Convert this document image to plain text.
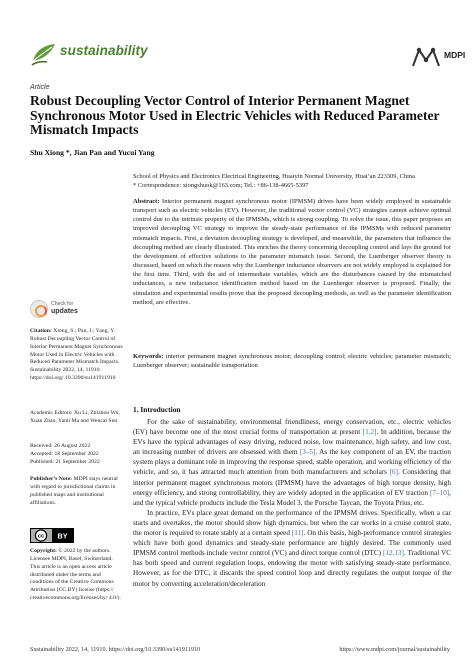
sustainability	MDPI
Article
Robust Decoupling Vector Control of Interior Permanent Magnet Synchronous Motor Used in Electric Vehicles with Reduced Parameter Mismatch Impacts
Shu Xiong *, Jian Pan and Yucui Yang
School of Physics and Electronics Electrical Engineering, Huaiyin Normal University, Huai’an 223309, China
* Correspondence: xiongshuok@163.com; Tel.: +86-138-4665-5397
Abstract: Interior permanent magnet synchronous motor (IPMSM) drives have been widely employed in sustainable transport such as electric vehicles (EV). However, the traditional vector control (VC) strategies cannot achieve optimal control due to the intrinsic property of the IPMSMs, which is strong coupling. To solve the issue, this paper proposes an improved decoupling VC strategy to improve the steady-state performance of the IPMSMs with reduced parameter mismatch impacts. First, a deviation decoupling strategy is developed, and meanwhile, the parameters that influence the decoupling method are clearly illustrated. This enriches the theory concerning decoupling control and lays the ground for the development of effective solutions to the parameter mismatch issue. Second, the Luenberger observer theory is discussed, based on which the reason why the Luenberger inductance observers are not widely employed is explained for the first time. Third, with the aid of intermediate variables, which are the disturbances caused by the mismatched inductances, a new inductance identification method based on the Luenberger observer is proposed. Finally, the simulation and experimental results prove that the proposed decoupling methods, as well as the parameter identification method, are effective.
Keywords: interior permanent magnet synchronous motor; decoupling control; electric vehicles; parameter mismatch; Luenberger observer; sustainable transportation
Check for
updates
Citation: Xiong, S.; Pan, J.; Yang, Y. Robust Decoupling Vector Control of Interior Permanent Magnet Synchronous Motor Used in Electric Vehicles with Reduced Parameter Mismatch Impacts. Sustainability 2022, 14, 11910. https://doi.org/ 10.3390/su141911910
Academic Editors: Xu Li, Zhizhou Wu, Xuan Zhao, Yanli Ma and Wencai Sun
Received: 26 August 2022
Accepted: 18 September 2022
Published: 21 September 2022
Publisher’s Note: MDPI stays neutral with regard to jurisdictional claims in published maps and institutional affiliations.
cc BY
Copyright: © 2022 by the authors. Licensee MDPI, Basel, Switzerland. This article is an open access article distributed under the terms and conditions of the Creative Commons Attribution (CC BY) license (https:// creativecommons.org/licenses/by/ 4.0/).
1. Introduction

For the sake of sustainability, environmental friendliness, energy conservation, etc., electric vehicles (EV) have become one of the most crucial forms of transportation at present [1,2]. In addition, because the EVs have the typical advantages of easy driving, reduced noise, low maintenance, high safety, and low cost, an increasing number of drivers are obsessed with them [3–5]. As the key component of an EV, the traction system plays a dominant role in improving the response speed, stable operation, and working efficiency of the vehicle, and so, it has attracted much attention from both manufacturers and scholars [6]. Considering that interior permanent magnet synchronous motors (IPMSM) have the advantages of high torque density, high energy efficiency, and strong controllability, they are widely adopted in the application of EV traction [7–10], and the typical vehicle products include the Tesla Model 3, the Porsche Taycan, the Toyota Prius, etc.

In practice, EVs place great demand on the performance of the IPMSM drives. Specifically, when a car starts and overtakes, the motor should show high dynamics, but when the car works in a cruise control state, the motor is required to rotate stably at a certain speed [11]. On this basis, high-performance control strategies which have both good dynamics and steady-state performance are highly desired. The commonly used IPMSM control methods include vector control (VC) and direct torque control (DTC) [12,13]. Traditional VC has both speed and current regulation loops, endowing the motor with satisfying steady-state performance. However, as for the DTC, it discards the speed control loop and directly regulates the output torque of the motor by converting acceleration/deceleration

Sustainability 2022, 14, 11910. https://doi.org/10.3390/su141911910	https://www.mdpi.com/journal/sustainability
